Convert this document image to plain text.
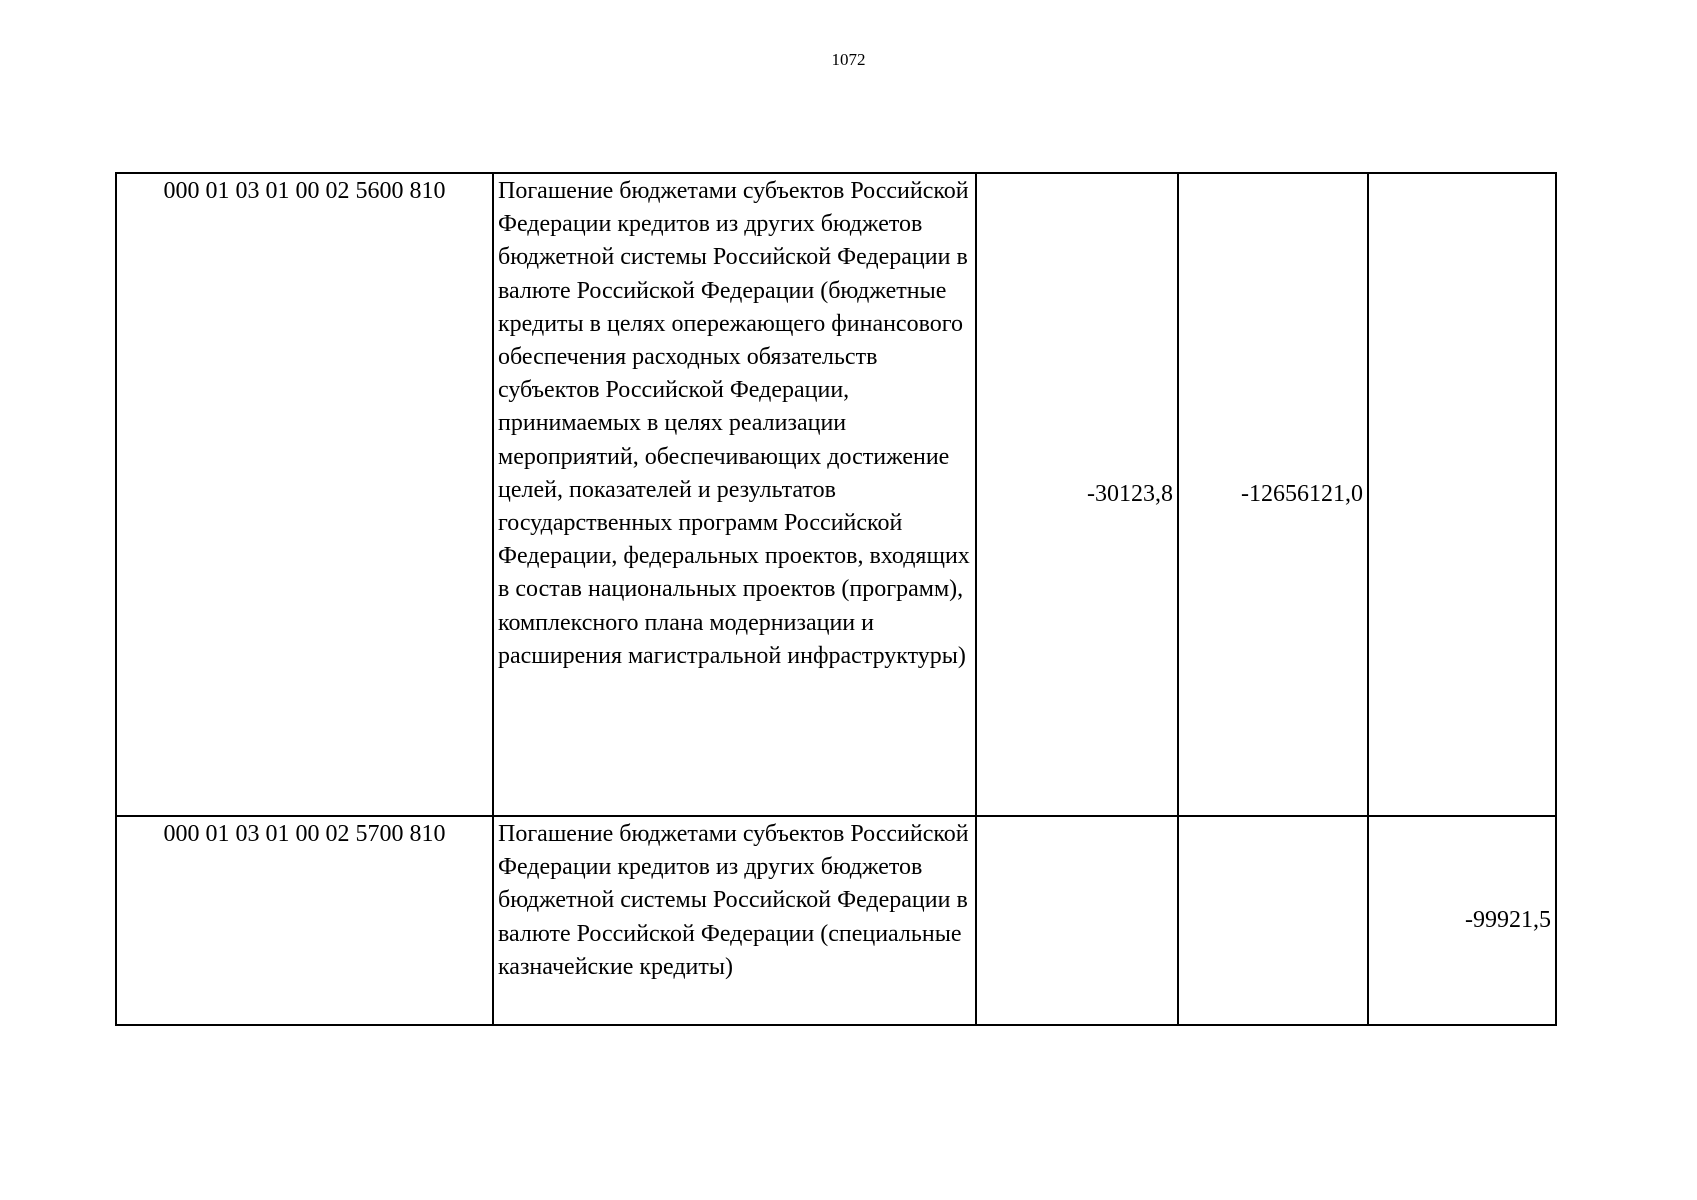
1072
000 01 03 01 00 02 5600 810	Погашение бюджетами субъектов Российской Федерации кредитов из других бюджетов бюджетной системы Российской Федерации в валюте Российской Федерации (бюджетные кредиты в целях опережающего финансового обеспечения расходных обязательств субъектов Российской Федерации, принимаемых в целях реализации мероприятий, обеспечивающих достижение целей, показателей и результатов государственных программ Российской Федерации, федеральных проектов, входящих в состав национальных проектов (программ), комплексного плана модернизации и расширения магистральной инфраструктуры)	-30123,8	-12656121,0	
000 01 03 01 00 02 5700 810	Погашение бюджетами субъектов Российской Федерации кредитов из других бюджетов бюджетной системы Российской Федерации в валюте Российской Федерации (специальные казначейские кредиты)			-99921,5
